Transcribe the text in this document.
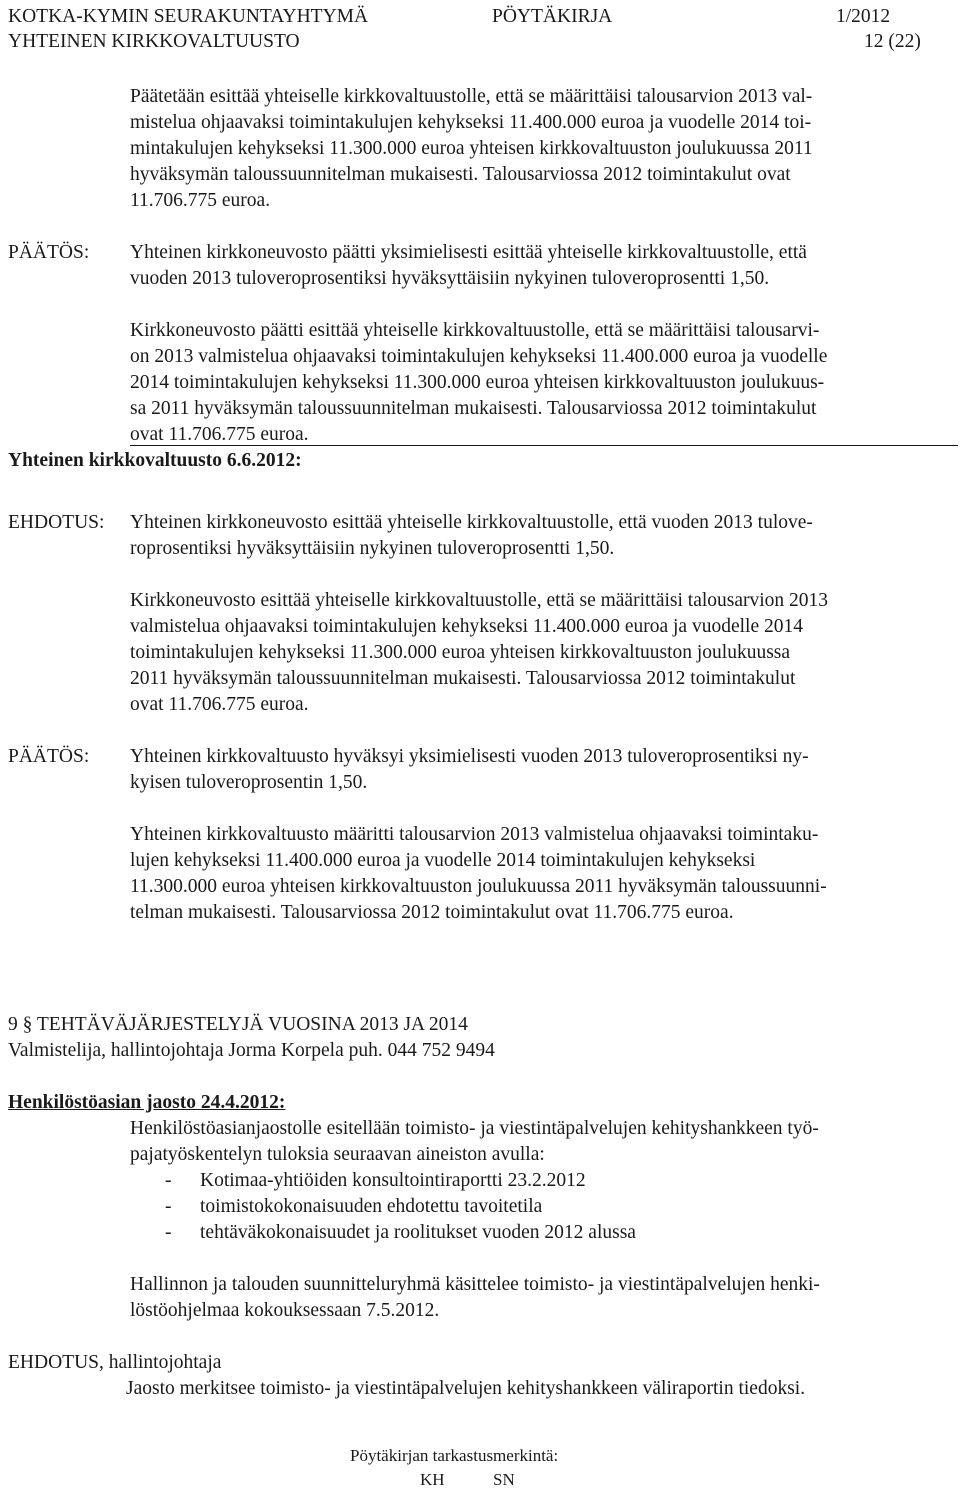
KOTKA-KYMIN SEURAKUNTAYHTYMÄ	PÖYTÄKIRJA	1/2012
YHTEINEN KIRKKOVALTUUSTO	12 (22)
Päätetään esittää yhteiselle kirkkovaltuustolle, että se määrittäisi talousarvion 2013 val-
mistelua ohjaavaksi toimintakulujen kehykseksi 11.400.000 euroa ja vuodelle 2014 toi-
mintakulujen kehykseksi 11.300.000 euroa yhteisen kirkkovaltuuston joulukuussa 2011
hyväksymän taloussuunnitelman mukaisesti. Talousarviossa 2012 toimintakulut ovat
11.706.775 euroa.
PÄÄTÖS: Yhteinen kirkkoneuvosto päätti yksimielisesti esittää yhteiselle kirkkovaltuustolle, että
vuoden 2013 tuloveroprosentiksi hyväksyttäisiin nykyinen tuloveroprosentti 1,50.
Kirkkoneuvosto päätti esittää yhteiselle kirkkovaltuustolle, että se määrittäisi talousarvi-
on 2013 valmistelua ohjaavaksi toimintakulujen kehykseksi 11.400.000 euroa ja vuodelle
2014 toimintakulujen kehykseksi 11.300.000 euroa yhteisen kirkkovaltuuston joulukuus-
sa 2011 hyväksymän taloussuunnitelman mukaisesti. Talousarviossa 2012 toimintakulut
ovat 11.706.775 euroa.
Yhteinen kirkkovaltuusto 6.6.2012:
EHDOTUS: Yhteinen kirkkoneuvosto esittää yhteiselle kirkkovaltuustolle, että vuoden 2013 tulove-
roprosentiksi hyväksyttäisiin nykyinen tuloveroprosentti 1,50.
Kirkkoneuvosto esittää yhteiselle kirkkovaltuustolle, että se määrittäisi talousarvion 2013
valmistelua ohjaavaksi toimintakulujen kehykseksi 11.400.000 euroa ja vuodelle 2014
toimintakulujen kehykseksi 11.300.000 euroa yhteisen kirkkovaltuuston joulukuussa
2011 hyväksymän taloussuunnitelman mukaisesti. Talousarviossa 2012 toimintakulut
ovat 11.706.775 euroa.
PÄÄTÖS: Yhteinen kirkkovaltuusto hyväksyi yksimielisesti vuoden 2013 tuloveroprosentiksi ny-
kyisen tuloveroprosentin 1,50.
Yhteinen kirkkovaltuusto määritti talousarvion 2013 valmistelua ohjaavaksi toimintaku-
lujen kehykseksi 11.400.000 euroa ja vuodelle 2014 toimintakulujen kehykseksi
11.300.000 euroa yhteisen kirkkovaltuuston joulukuussa 2011 hyväksymän taloussuunni-
telman mukaisesti. Talousarviossa 2012 toimintakulut ovat 11.706.775 euroa.
9 § TEHTÄVÄJÄRJESTELYJÄ VUOSINA 2013 JA 2014
Valmistelija, hallintojohtaja Jorma Korpela puh. 044 752 9494
Henkilöstöasian jaosto 24.4.2012:
Henkilöstöasianjaostolle esitellään toimisto- ja viestintäpalvelujen kehityshankkeen työ-
pajatyöskentelyn tuloksia seuraavan aineiston avulla:
- Kotimaa-yhtiöiden konsultointiraportti 23.2.2012
- toimistokokonaisuuden ehdotettu tavoitetila
- tehtäväkokonaisuudet ja roolitukset vuoden 2012 alussa
Hallinnon ja talouden suunnitteluryhmä käsittelee toimisto- ja viestintäpalvelujen henki-
löstöohjelmaa kokouksessaan 7.5.2012.
EHDOTUS, hallintojohtaja
Jaosto merkitsee toimisto- ja viestintäpalvelujen kehityshankkeen väliraportin tiedoksi.
Pöytäkirjan tarkastusmerkintä:
KH	SN
